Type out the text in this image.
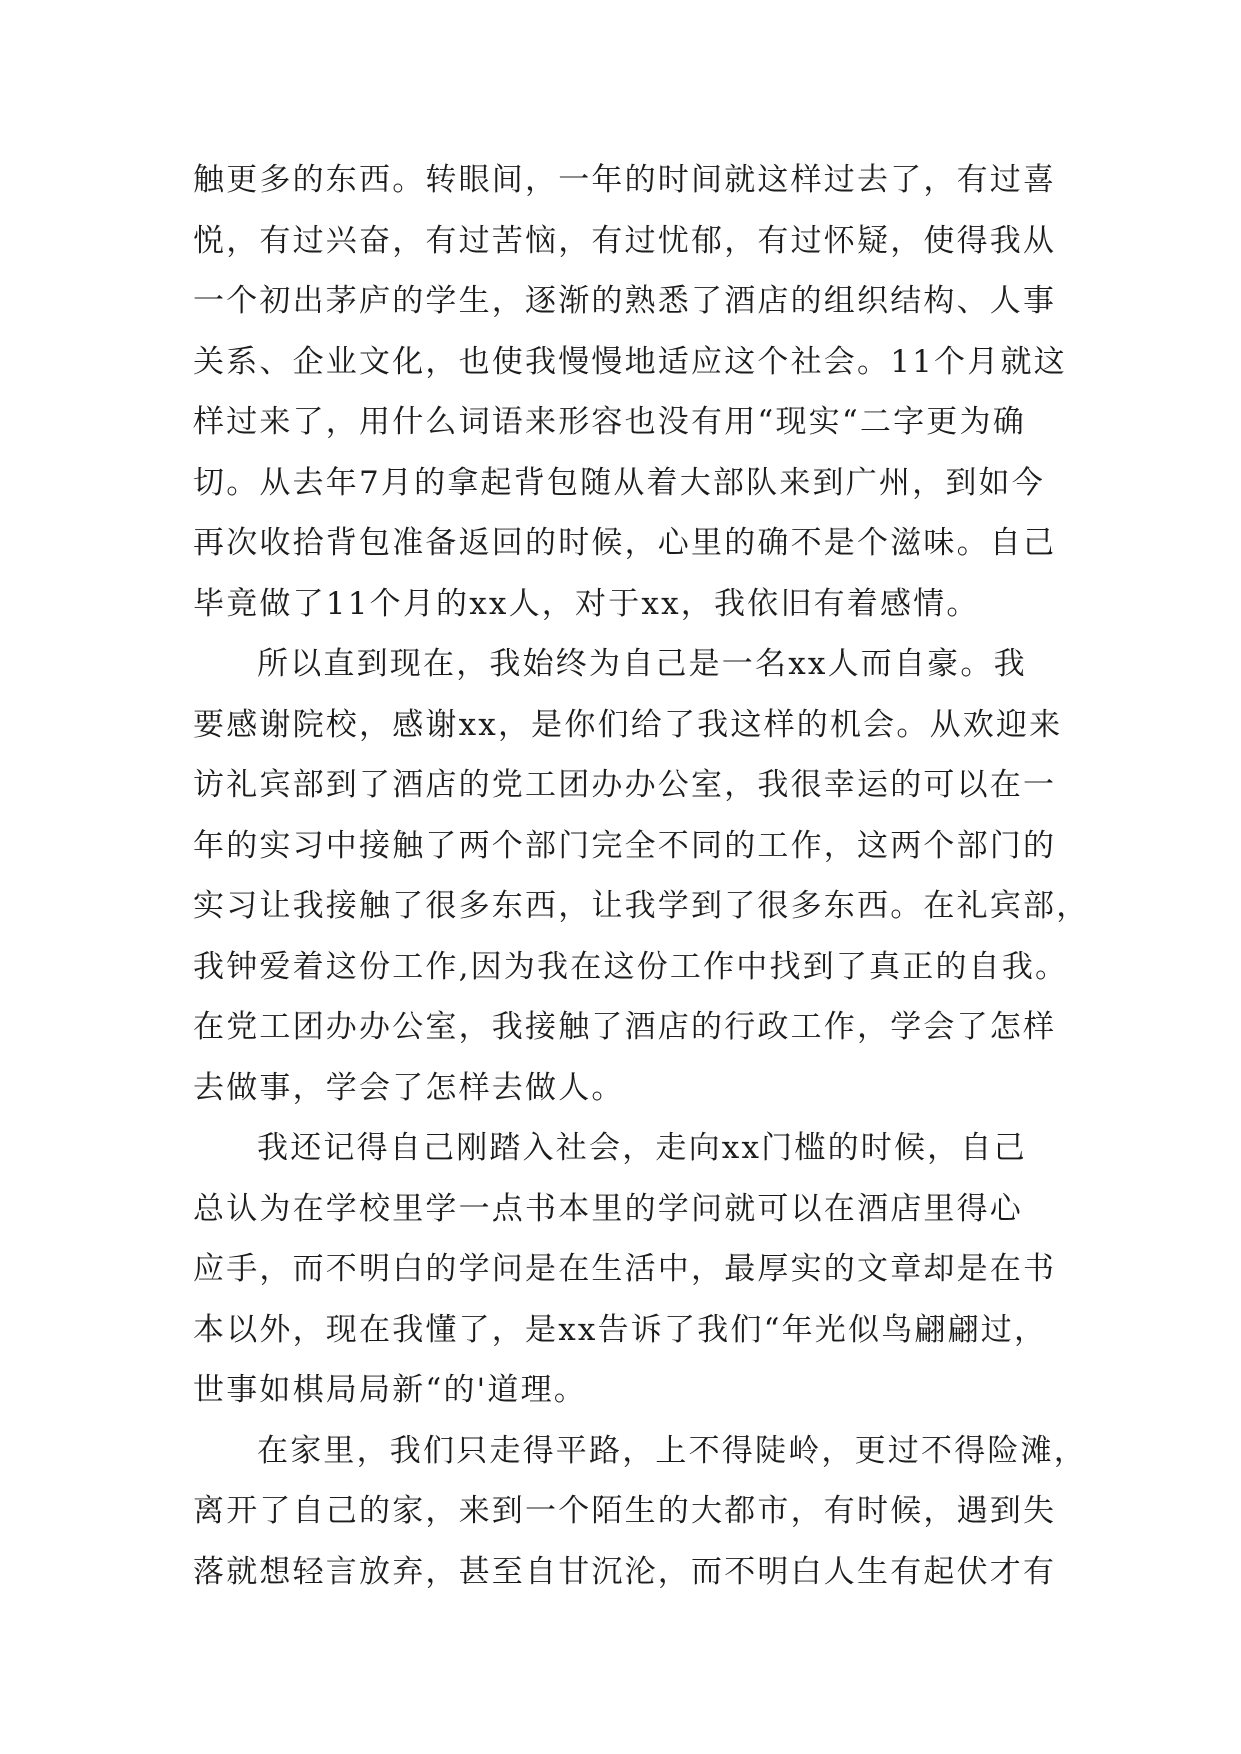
触更多的东西。转眼间，一年的时间就这样过去了，有过喜
悦，有过兴奋，有过苦恼，有过忧郁，有过怀疑，使得我从
一个初出茅庐的学生，逐渐的熟悉了酒店的组织结构、人事
关系、企业文化，也使我慢慢地适应这个社会。11个月就这
样过来了，用什么词语来形容也没有用“现实“二字更为确
切。从去年7月的拿起背包随从着大部队来到广州，到如今
再次收拾背包准备返回的时候，心里的确不是个滋味。自己
毕竟做了11个月的xx人，对于xx，我依旧有着感情。
所以直到现在，我始终为自己是一名xx人而自豪。我
要感谢院校，感谢xx，是你们给了我这样的机会。从欢迎来
访礼宾部到了酒店的党工团办办公室，我很幸运的可以在一
年的实习中接触了两个部门完全不同的工作，这两个部门的
实习让我接触了很多东西，让我学到了很多东西。在礼宾部，
我钟爱着这份工作,因为我在这份工作中找到了真正的自我。
在党工团办办公室，我接触了酒店的行政工作，学会了怎样
去做事，学会了怎样去做人。
我还记得自己刚踏入社会，走向xx门槛的时候，自己
总认为在学校里学一点书本里的学问就可以在酒店里得心
应手，而不明白的学问是在生活中，最厚实的文章却是在书
本以外，现在我懂了，是xx告诉了我们“年光似鸟翩翩过，
世事如棋局局新“的'道理。
在家里，我们只走得平路，上不得陡岭，更过不得险滩，
离开了自己的家，来到一个陌生的大都市，有时候，遇到失
落就想轻言放弃，甚至自甘沉沦，而不明白人生有起伏才有
